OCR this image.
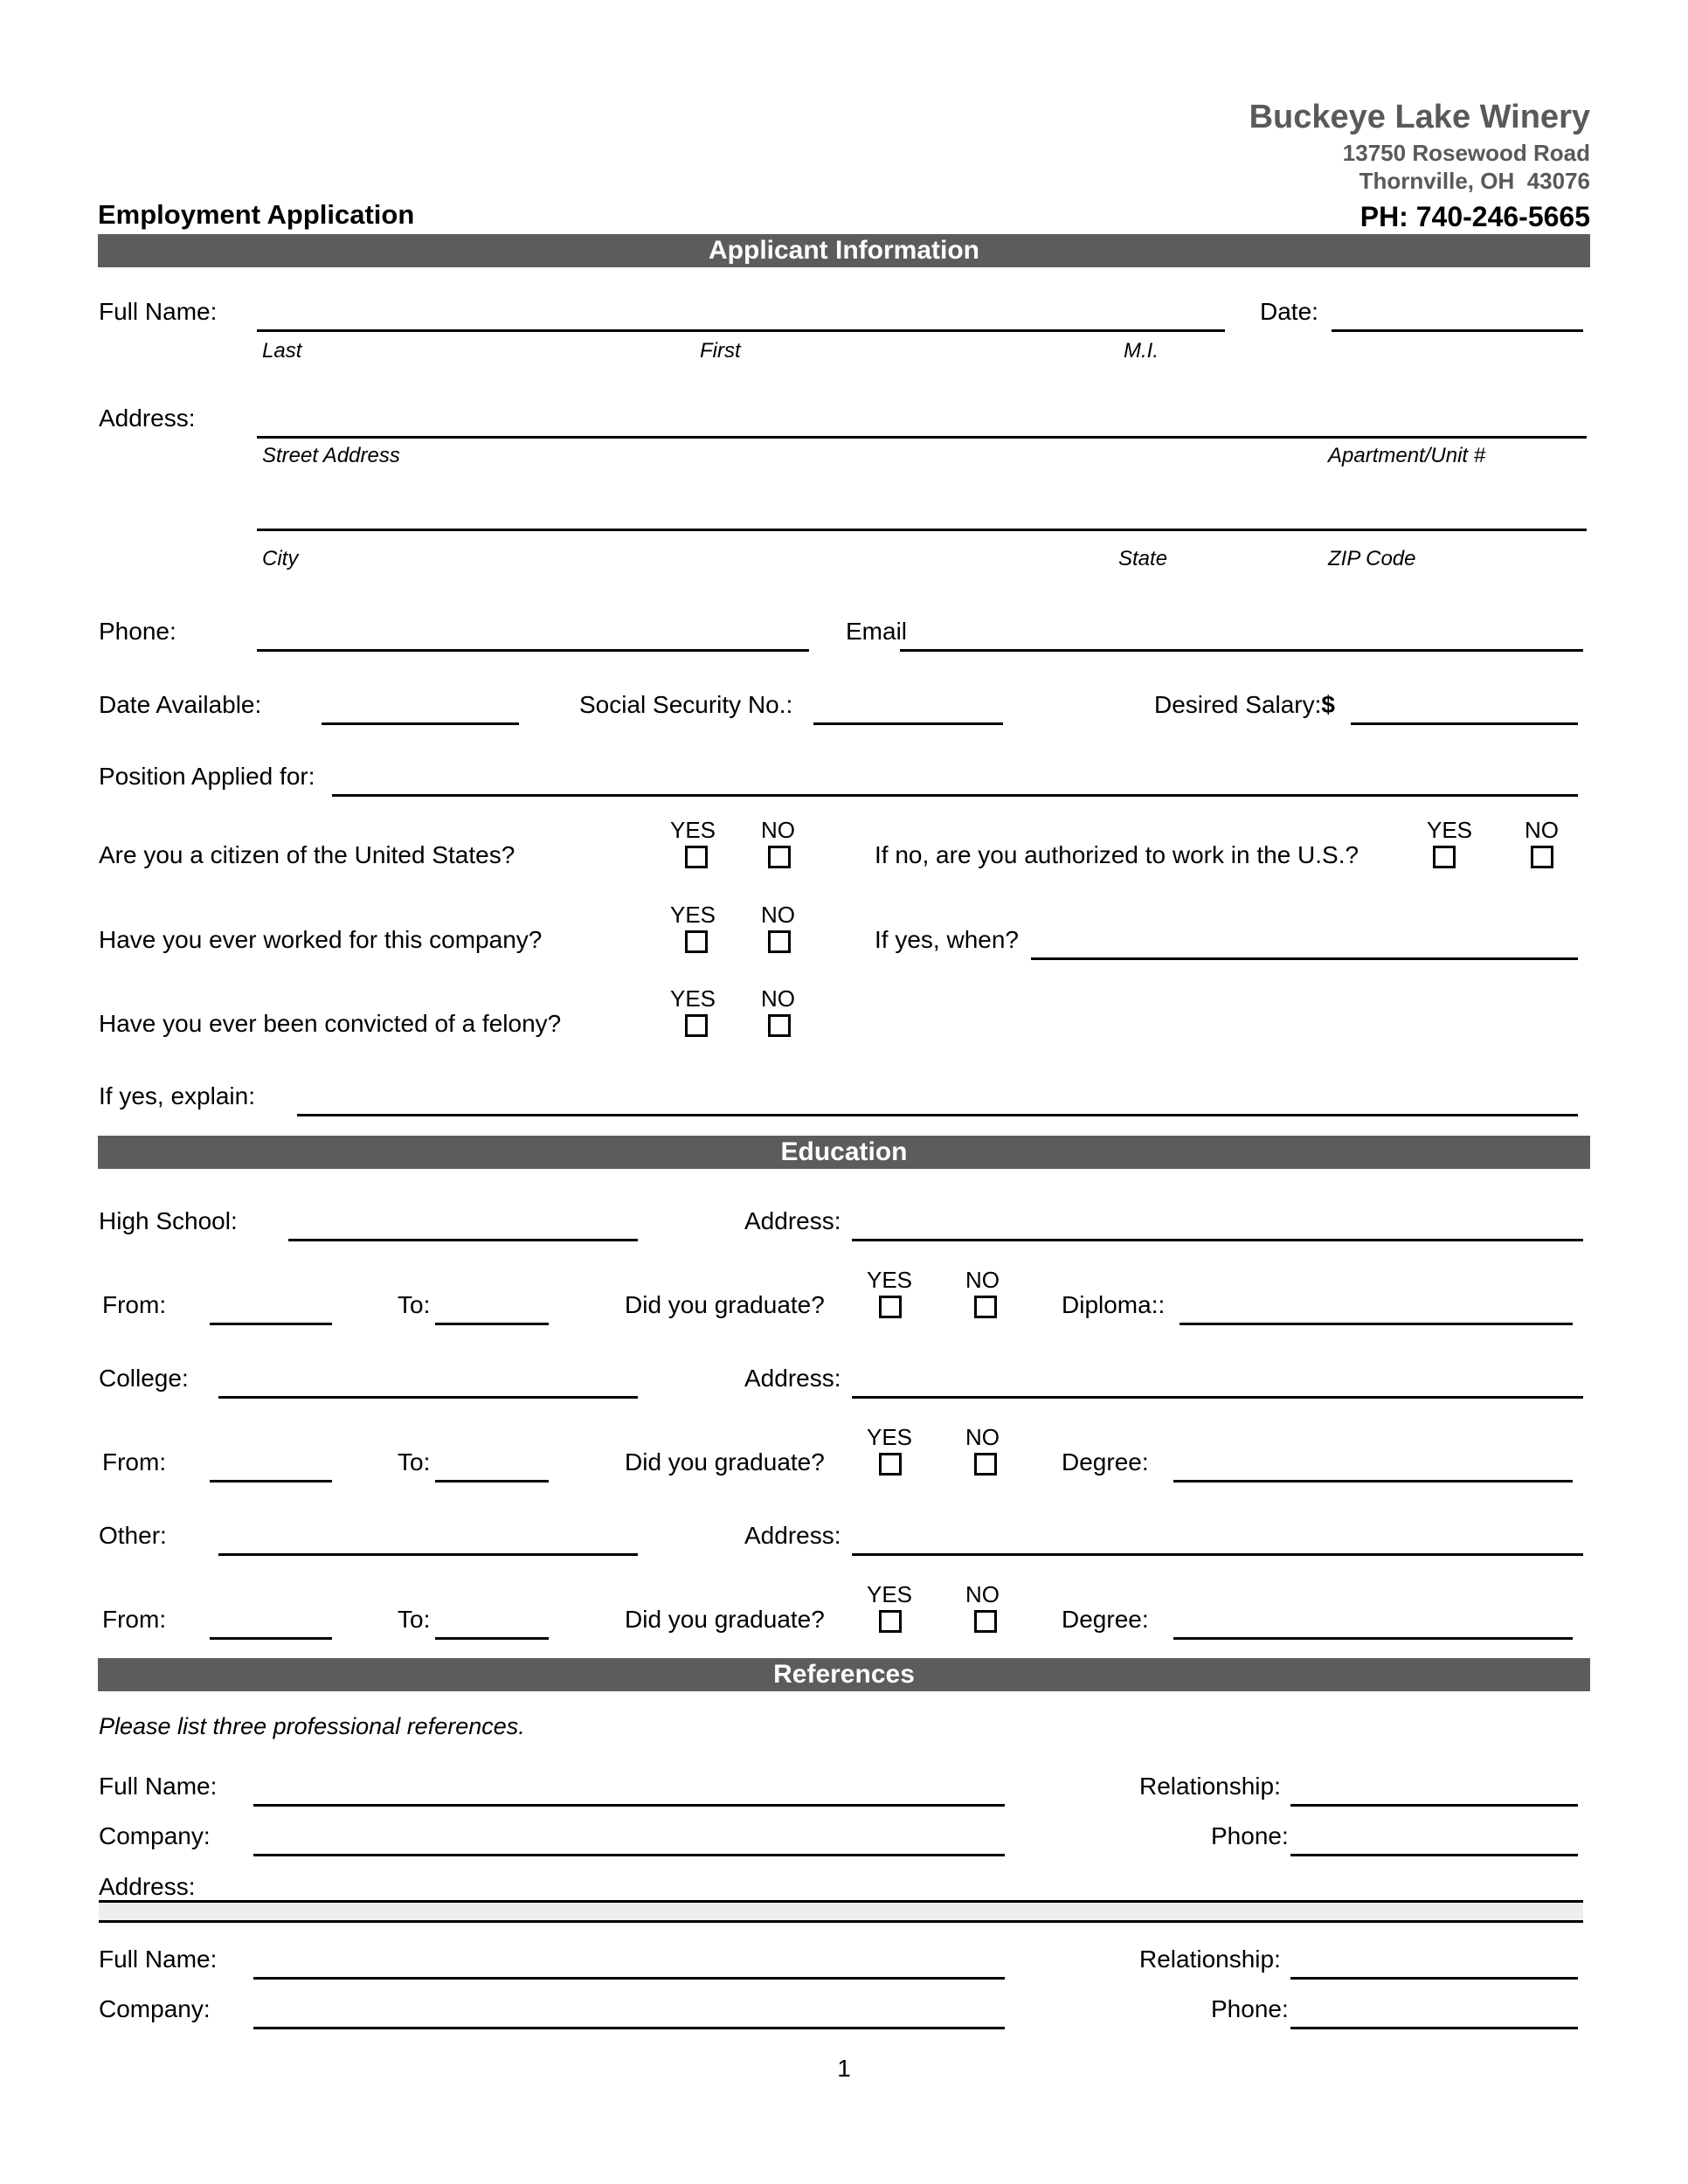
Buckeye Lake Winery
13750 Rosewood Road
Thornville, OH  43076
Employment Application	PH: 740-246-5665
Applicant Information
Full Name:	Date:
Last	First	M.I.
Address:
Street Address	Apartment/Unit #
City	State	ZIP Code
Phone:	Email
Date Available:	Social Security No.:	Desired Salary:$
Position Applied for:
YES NO	YES NO
Are you a citizen of the United States?	If no, are you authorized to work in the U.S.?
YES NO
Have you ever worked for this company?	If yes, when?
YES NO
Have you ever been convicted of a felony?
If yes, explain:
Education
High School:	Address:
YES NO
From:	To:	Did you graduate?	Diploma::
College:	Address:
YES NO
From:	To:	Did you graduate?	Degree:
Other:	Address:
YES NO
From:	To:	Did you graduate?	Degree:
References
Please list three professional references.
Full Name:	Relationship:
Company:	Phone:
Address:
Full Name:	Relationship:
Company:	Phone:
1
